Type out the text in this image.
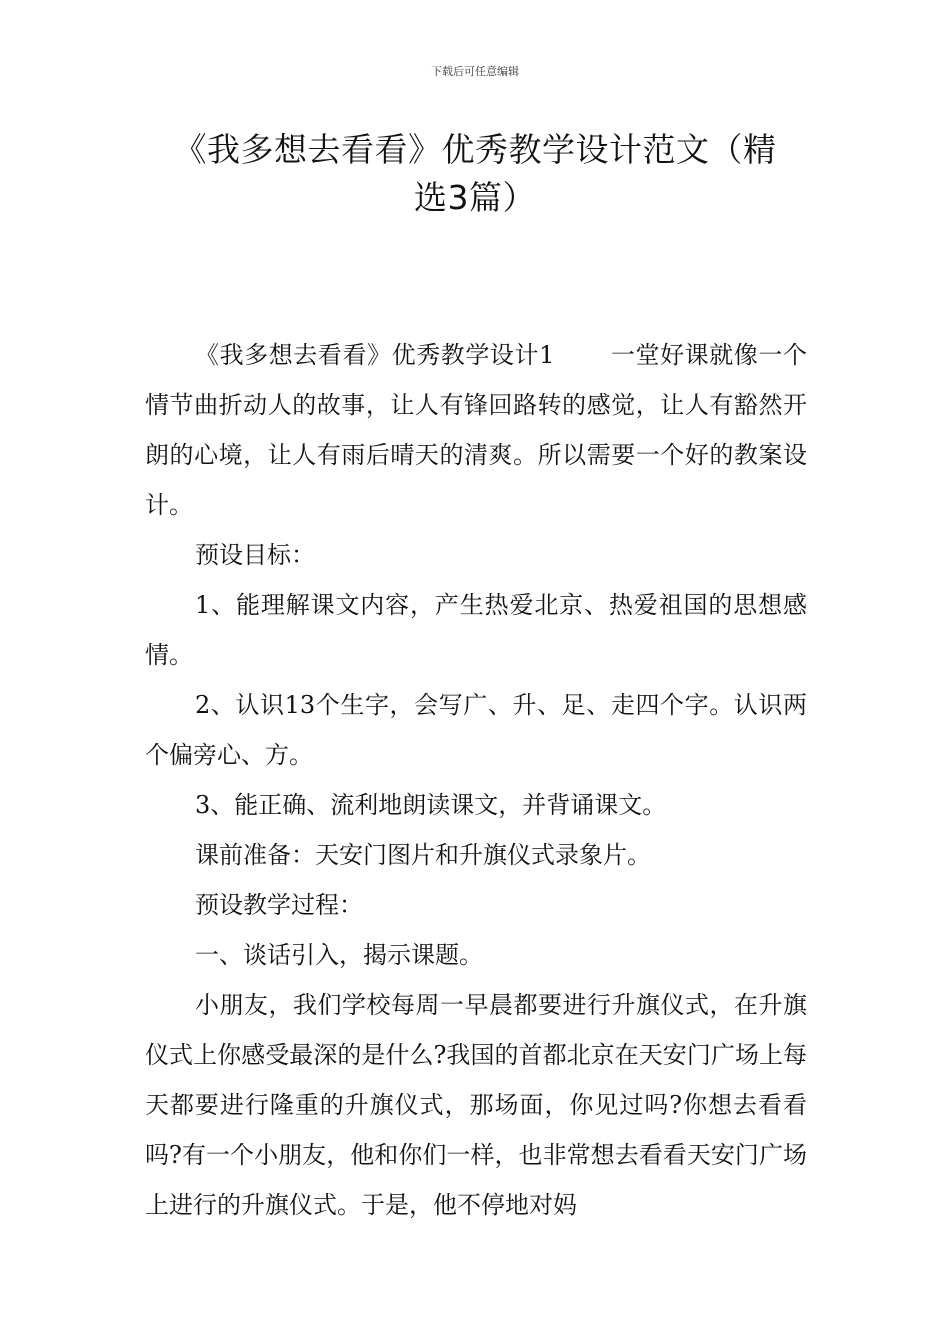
下载后可任意编辑
《我多想去看看》优秀教学设计范文（精
选3篇）

《我多想去看看》优秀教学设计1 一堂好课就像一个情节曲折动人的故事，让人有锋回路转的感觉，让人有豁然开朗的心境，让人有雨后晴天的清爽。所以需要一个好的教案设计。

预设目标：

1、能理解课文内容，产生热爱北京、热爱祖国的思想感情。

2、认识13个生字，会写广、升、足、走四个字。认识两个偏旁心、方。

3、能正确、流利地朗读课文，并背诵课文。

课前准备：天安门图片和升旗仪式录象片。

预设教学过程：

一、谈话引入，揭示课题。

小朋友，我们学校每周一早晨都要进行升旗仪式，在升旗仪式上你感受最深的是什么?我国的首都北京在天安门广场上每天都要进行隆重的升旗仪式，那场面，你见过吗?你想去看看吗?有一个小朋友，他和你们一样，也非常想去看看天安门广场上进行的升旗仪式。于是，他不停地对妈
